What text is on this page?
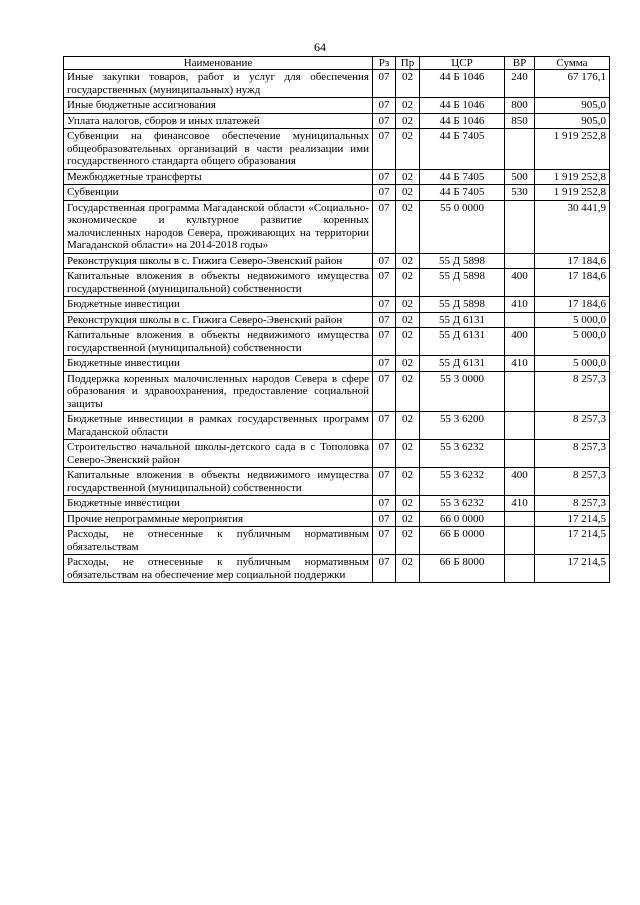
64
Наименование	Рз	Пр	ЦСР	ВР	Сумма
Иные закупки товаров, работ и услуг для обеспечения государственных (муниципальных) нужд	07	02	44 Б 1046	240	67 176,1
Иные бюджетные ассигнования	07	02	44 Б 1046	800	905,0
Уплата налогов, сборов и иных платежей	07	02	44 Б 1046	850	905,0
Субвенции на финансовое обеспечение муниципальных общеобразовательных организаций в части реализации ими государственного стандарта общего образования	07	02	44 Б 7405		1 919 252,8
Межбюджетные трансферты	07	02	44 Б 7405	500	1 919 252,8
Субвенции	07	02	44 Б 7405	530	1 919 252,8
Государственная программа Магаданской области «Социально-экономическое и культурное развитие коренных малочисленных народов Севера, проживающих на территории Магаданской области» на 2014-2018 годы»	07	02	55 0 0000		30 441,9
Реконструкция школы в с. Гижига Северо-Эвенский район	07	02	55 Д 5898		17 184,6
Капитальные вложения в объекты недвижимого имущества государственной (муниципальной) собственности	07	02	55 Д 5898	400	17 184,6
Бюджетные инвестиции	07	02	55 Д 5898	410	17 184,6
Реконструкция школы в с. Гижига Северо-Эвенский район	07	02	55 Д 6131		5 000,0
Капитальные вложения в объекты недвижимого имущества государственной (муниципальной) собственности	07	02	55 Д 6131	400	5 000,0
Бюджетные инвестиции	07	02	55 Д 6131	410	5 000,0
Поддержка коренных малочисленных народов Севера в сфере образования и здравоохранения, предоставление социальной защиты	07	02	55 3 0000		8 257,3
Бюджетные инвестиции в рамках государственных программ Магаданской области	07	02	55 3 6200		8 257,3
Строительство начальной школы-детского сада в с Тополовка Северо-Эвенский район	07	02	55 3 6232		8 257,3
Капитальные вложения в объекты недвижимого имущества государственной (муниципальной) собственности	07	02	55 3 6232	400	8 257,3
Бюджетные инвестиции	07	02	55 3 6232	410	8 257,3
Прочие непрограммные мероприятия	07	02	66 0 0000		17 214,5
Расходы, не отнесенные к публичным нормативным обязательствам	07	02	66 Б 0000		17 214,5
Расходы, не отнесенные к публичным нормативным обязательствам на обеспечение мер социальной поддержки	07	02	66 Б 8000		17 214,5
